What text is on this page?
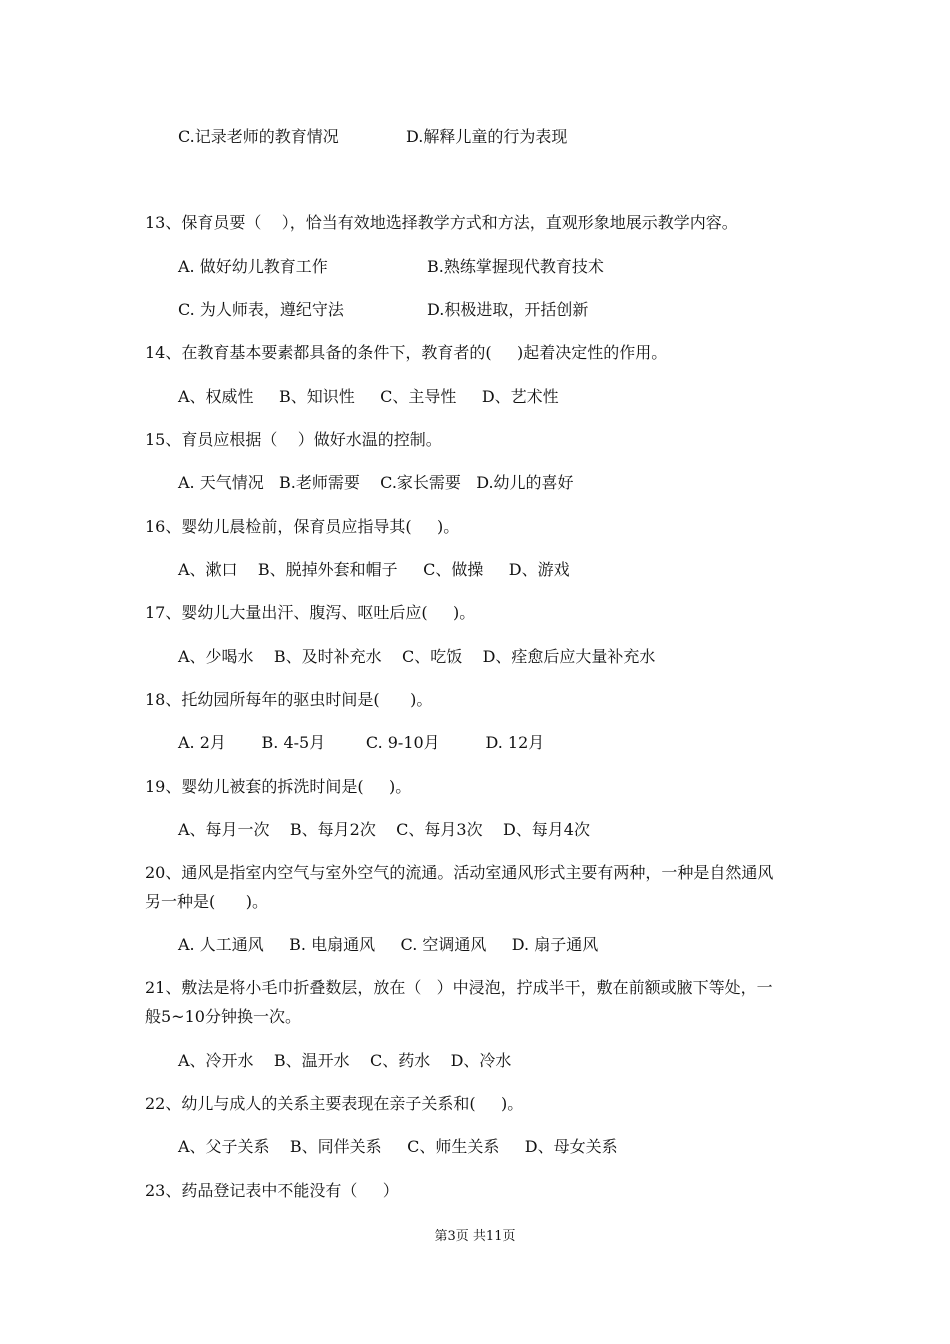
C.记录老师的教育情况	D.解释儿童的行为表现
13、保育员要（    ），恰当有效地选择教学方式和方法，直观形象地展示教学内容。
A. 做好幼儿教育工作	B.熟练掌握现代教育技术
C. 为人师表，遵纪守法	D.积极进取，开括创新
14、在教育基本要素都具备的条件下，教育者的(     )起着决定性的作用。
A、权威性     B、知识性     C、主导性     D、艺术性
15、育员应根据（    ）做好水温的控制。
A. 天气情况   B.老师需要    C.家长需要   D.幼儿的喜好
16、婴幼儿晨检前，保育员应指导其(     )。
A、漱口    B、脱掉外套和帽子     C、做操     D、游戏
17、婴幼儿大量出汗、腹泻、呕吐后应(     )。
A、少喝水    B、及时补充水    C、吃饭    D、痊愈后应大量补充水
18、托幼园所每年的驱虫时间是(      )。
A. 2月       B. 4-5月        C. 9-10月         D. 12月
19、婴幼儿被套的拆洗时间是(     )。
A、每月一次    B、每月2次    C、每月3次    D、每月4次
20、通风是指室内空气与室外空气的流通。活动室通风形式主要有两种，一种是自然通风
另一种是(      )。
A. 人工通风     B. 电扇通风     C. 空调通风     D. 扇子通风
21、敷法是将小毛巾折叠数层，放在（   ）中浸泡，拧成半干，敷在前额或腋下等处，一
般5~10分钟换一次。
A、冷开水    B、温开水    C、药水    D、冷水
22、幼儿与成人的关系主要表现在亲子关系和(     )。
A、父子关系    B、同伴关系     C、师生关系     D、母女关系
23、药品登记表中不能没有（     ）
第3页 共11页
